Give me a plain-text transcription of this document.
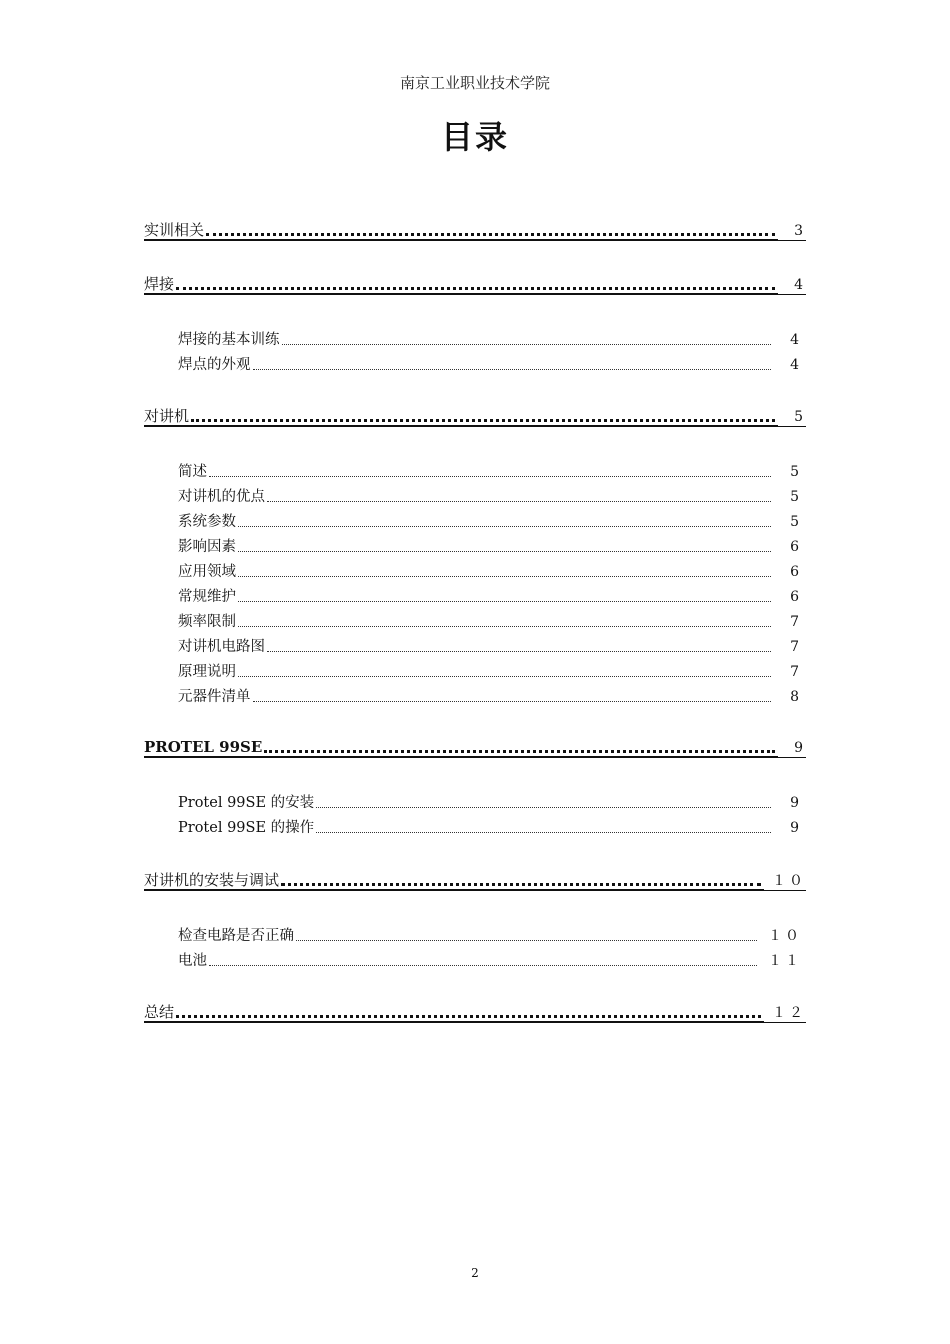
南京工业职业技术学院
目录
实训相关	3
焊接	4
焊接的基本训练	4
焊点的外观	4
对讲机	5
简述	5
对讲机的优点	5
系统参数	5
影响因素	6
应用领域	6
常规维护	6
频率限制	7
对讲机电路图	7
原理说明	7
元器件清单	8
PROTEL 99SE	9
Protel 99SE 的安装	9
Protel 99SE 的操作	9
对讲机的安装与调试	１０
检查电路是否正确	１０
电池	１１
总结	１２
2
